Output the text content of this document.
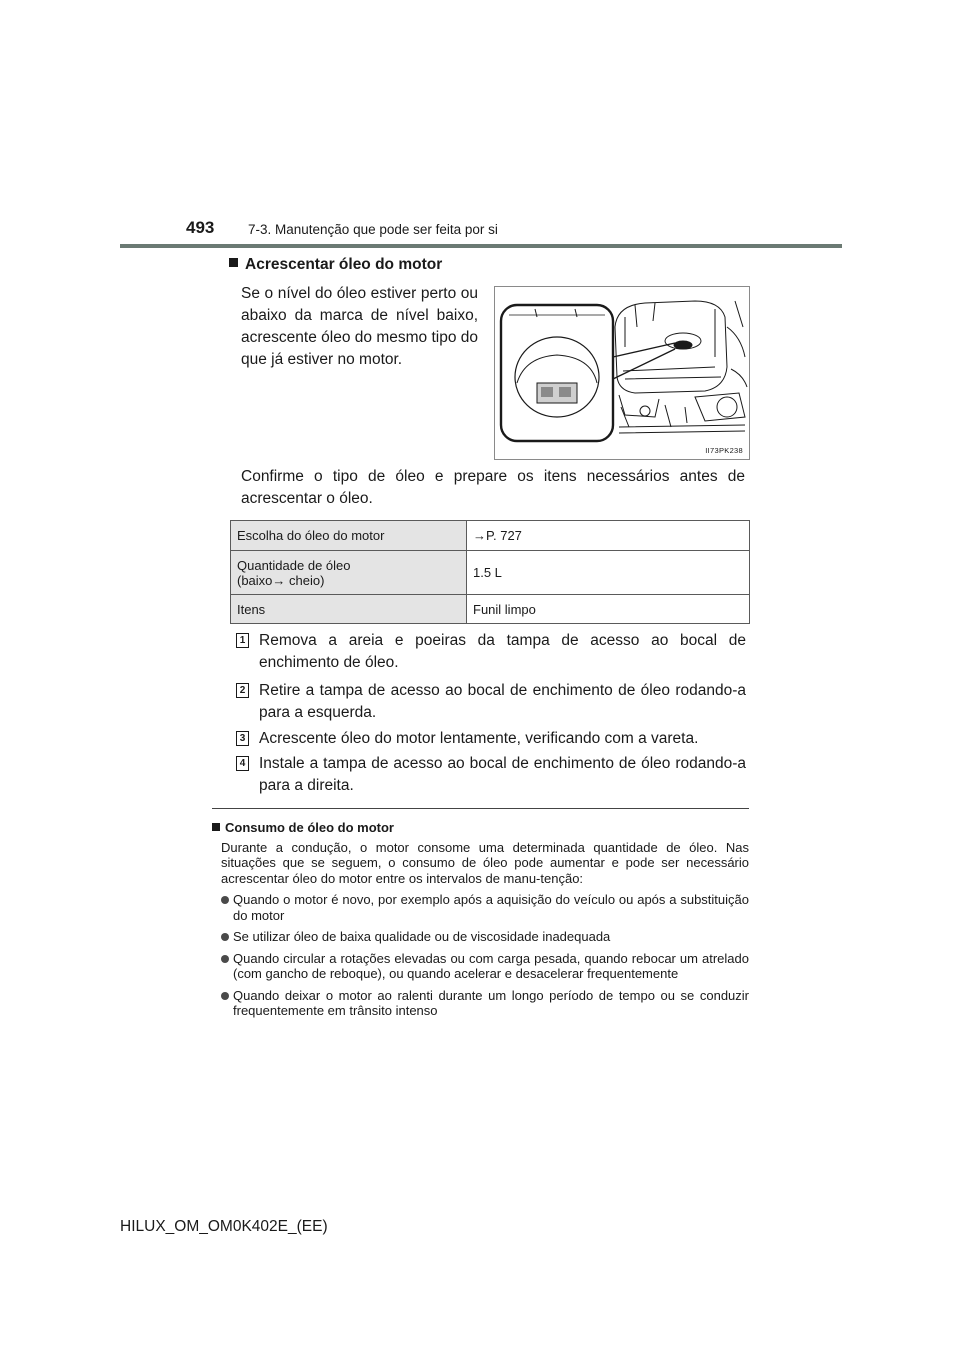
493 7-3. Manutenção que pode ser feita por si
Acrescentar óleo do motor
Se o nível do óleo estiver perto ou abaixo da marca de nível baixo, acrescente óleo do mesmo tipo do que já estiver no motor.
II73PK238
Confirme o tipo de óleo e prepare os itens necessários antes de acrescentar o óleo.
Escolha do óleo do motor	→P. 727
Quantidade de óleo
(baixo→ cheio)	1.5 L
Itens	Funil limpo
1 Remova a areia e poeiras da tampa de acesso ao bocal de enchimento de óleo.
2 Retire a tampa de acesso ao bocal de enchimento de óleo rodando-a para a esquerda.
3 Acrescente óleo do motor lentamente, verificando com a vareta.
4 Instale a tampa de acesso ao bocal de enchimento de óleo rodando-a para a direita.
Consumo de óleo do motor
Durante a condução, o motor consome uma determinada quantidade de óleo. Nas situações que se seguem, o consumo de óleo pode aumentar e pode ser necessário acrescentar óleo do motor entre os intervalos de manu-tenção:
Quando o motor é novo, por exemplo após a aquisição do veículo ou após a substituição do motor
Se utilizar óleo de baixa qualidade ou de viscosidade inadequada
Quando circular a rotações elevadas ou com carga pesada, quando rebocar um atrelado (com gancho de reboque), ou quando acelerar e desacelerar frequentemente
Quando deixar o motor ao ralenti durante um longo período de tempo ou se conduzir frequentemente em trânsito intenso
HILUX_OM_OM0K402E_(EE)
